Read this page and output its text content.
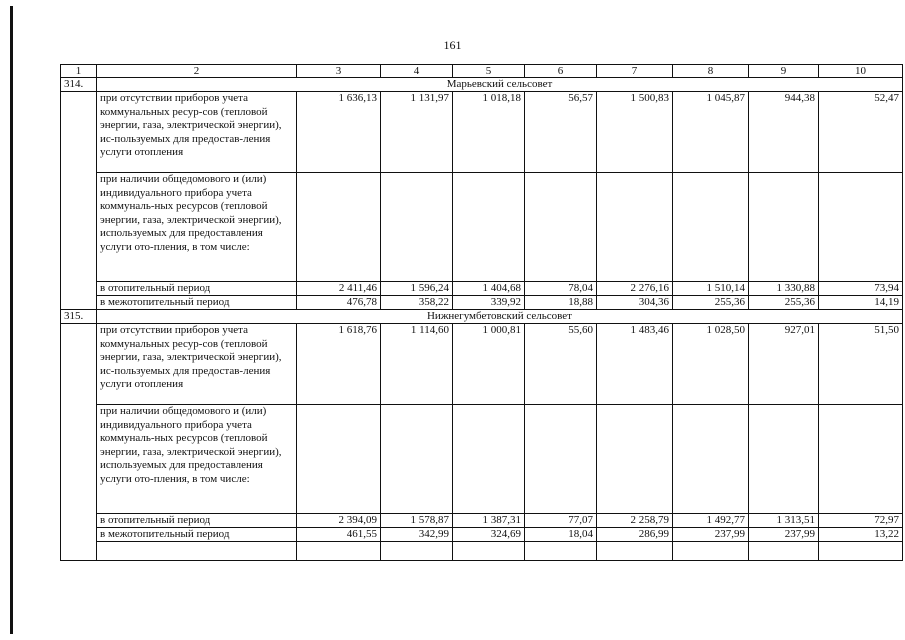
161
1	2	3	4	5	6	7	8	9	10
314.	Марьевский сельсовет								
	при отсутствии приборов учета коммунальных ресур-сов (тепловой энергии, газа, электрической энергии), ис-пользуемых для предостав-ления услуги отопления	1 636,13	1 131,97	1 018,18	56,57	1 500,83	1 045,87	944,38	52,47
	при наличии общедомового и (или) индивидуального прибора учета коммуналь-ных ресурсов (тепловой энергии, газа, электрической энергии), используемых для предоставления услуги ото-пления, в том числе:								
	в отопительный период	2 411,46	1 596,24	1 404,68	78,04	2 276,16	1 510,14	1 330,88	73,94
	в межотопительный период	476,78	358,22	339,92	18,88	304,36	255,36	255,36	14,19
315.	Нижнегумбетовский сельсовет								
	при отсутствии приборов учета коммунальных ресур-сов (тепловой энергии, газа, электрической энергии), ис-пользуемых для предостав-ления услуги отопления	1 618,76	1 114,60	1 000,81	55,60	1 483,46	1 028,50	927,01	51,50
	при наличии общедомового и (или) индивидуального прибора учета коммуналь-ных ресурсов (тепловой энергии, газа, электрической энергии), используемых для предоставления услуги ото-пления, в том числе:								
	в отопительный период	2 394,09	1 578,87	1 387,31	77,07	2 258,79	1 492,77	1 313,51	72,97
	в межотопительный период	461,55	342,99	324,69	18,04	286,99	237,99	237,99	13,22
